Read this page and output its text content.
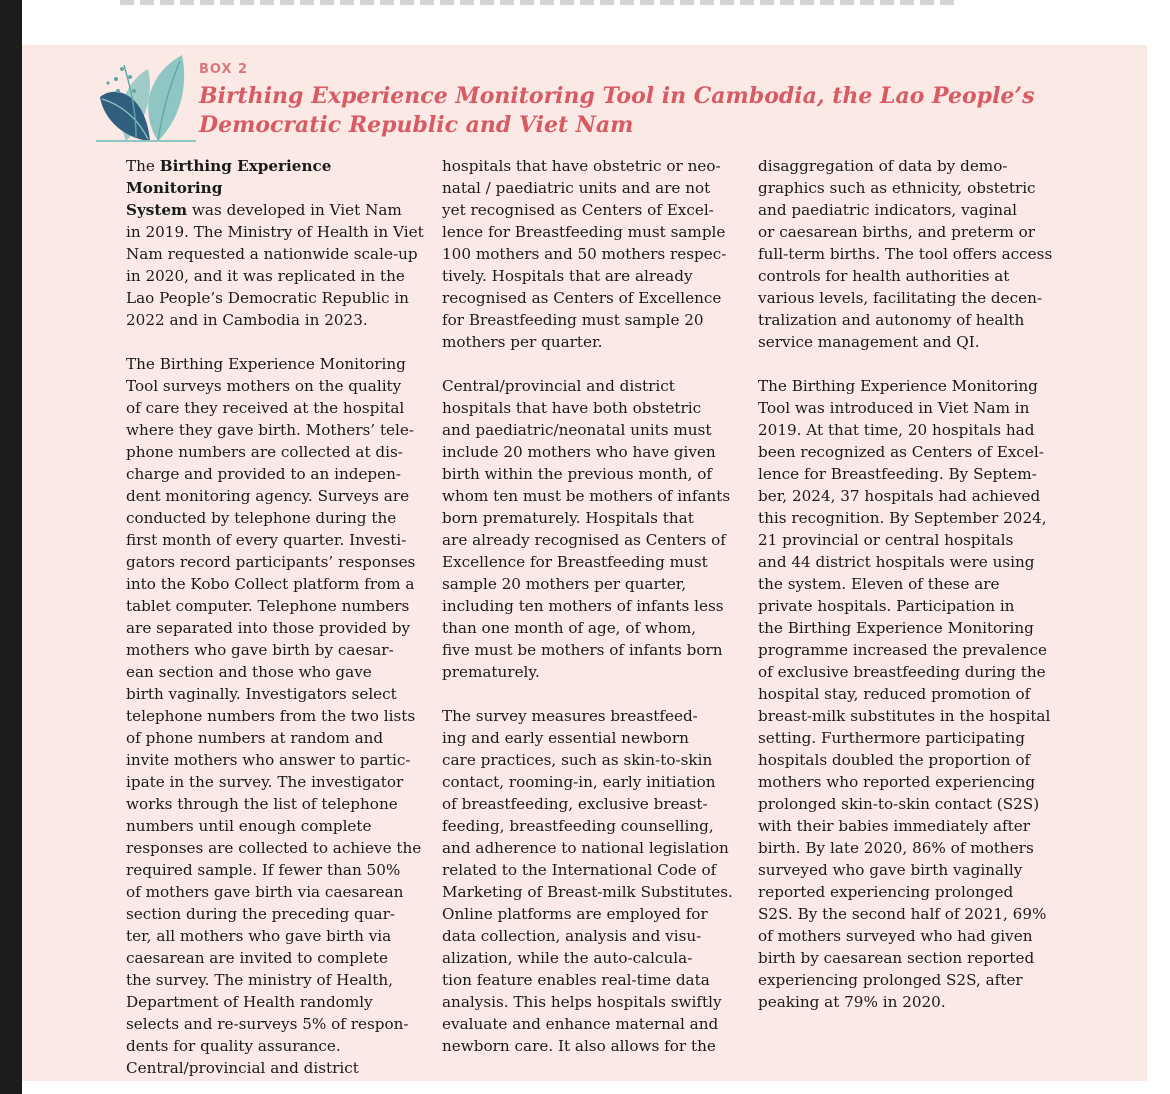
BOX 2
Birthing Experience Monitoring Tool in Cambodia, the Lao People’s
Democratic Republic and Viet Nam

The Birthing Experience Monitoring
System was developed in Viet Nam
in 2019. The Ministry of Health in Viet
Nam requested a nationwide scale-up
in 2020, and it was replicated in the
Lao People’s Democratic Republic in
2022 and in Cambodia in 2023.

The Birthing Experience Monitoring
Tool surveys mothers on the quality
of care they received at the hospital
where they gave birth. Mothers’ tele-
phone numbers are collected at dis-
charge and provided to an indepen-
dent monitoring agency. Surveys are
conducted by telephone during the
first month of every quarter. Investi-
gators record participants’ responses
into the Kobo Collect platform from a
tablet computer. Telephone numbers
are separated into those provided by
mothers who gave birth by caesar-
ean section and those who gave
birth vaginally. Investigators select
telephone numbers from the two lists
of phone numbers at random and
invite mothers who answer to partic-
ipate in the survey. The investigator
works through the list of telephone
numbers until enough complete
responses are collected to achieve the
required sample. If fewer than 50%
of mothers gave birth via caesarean
section during the preceding quar-
ter, all mothers who gave birth via
caesarean are invited to complete
the survey. The ministry of Health,
Department of Health randomly
selects and re-surveys 5% of respon-
dents for quality assurance.
Central/provincial and district

hospitals that have obstetric or neo-
natal / paediatric units and are not
yet recognised as Centers of Excel-
lence for Breastfeeding must sample
100 mothers and 50 mothers respec-
tively. Hospitals that are already
recognised as Centers of Excellence
for Breastfeeding must sample 20
mothers per quarter.

Central/provincial and district
hospitals that have both obstetric
and paediatric/neonatal units must
include 20 mothers who have given
birth within the previous month, of
whom ten must be mothers of infants
born prematurely. Hospitals that
are already recognised as Centers of
Excellence for Breastfeeding must
sample 20 mothers per quarter,
including ten mothers of infants less
than one month of age, of whom,
five must be mothers of infants born
prematurely.

The survey measures breastfeed-
ing and early essential newborn
care practices, such as skin-to-skin
contact, rooming-in, early initiation
of breastfeeding, exclusive breast-
feeding, breastfeeding counselling,
and adherence to national legislation
related to the International Code of
Marketing of Breast-milk Substitutes.
Online platforms are employed for
data collection, analysis and visu-
alization, while the auto-calcula-
tion feature enables real-time data
analysis. This helps hospitals swiftly
evaluate and enhance maternal and
newborn care. It also allows for the

disaggregation of data by demo-
graphics such as ethnicity, obstetric
and paediatric indicators, vaginal
or caesarean births, and preterm or
full-term births. The tool offers access
controls for health authorities at
various levels, facilitating the decen-
tralization and autonomy of health
service management and QI.

The Birthing Experience Monitoring
Tool was introduced in Viet Nam in
2019. At that time, 20 hospitals had
been recognized as Centers of Excel-
lence for Breastfeeding. By Septem-
ber, 2024, 37 hospitals had achieved
this recognition. By September 2024,
21 provincial or central hospitals
and 44 district hospitals were using
the system. Eleven of these are
private hospitals. Participation in
the Birthing Experience Monitoring
programme increased the prevalence
of exclusive breastfeeding during the
hospital stay, reduced promotion of
breast-milk substitutes in the hospital
setting. Furthermore participating
hospitals doubled the proportion of
mothers who reported experiencing
prolonged skin-to-skin contact (S2S)
with their babies immediately after
birth. By late 2020, 86% of mothers
surveyed who gave birth vaginally
reported experiencing prolonged
S2S. By the second half of 2021, 69%
of mothers surveyed who had given
birth by caesarean section reported
experiencing prolonged S2S, after
peaking at 79% in 2020.
